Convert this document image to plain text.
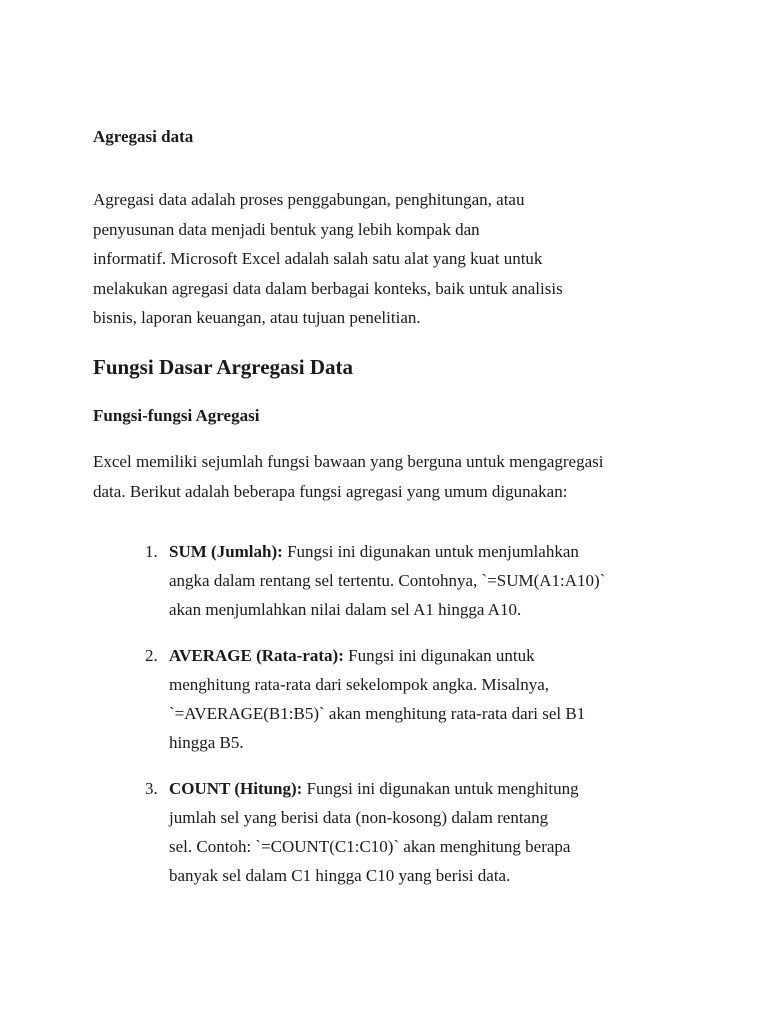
Agregasi data

Agregasi data adalah proses penggabungan, penghitungan, atau
penyusunan data menjadi bentuk yang lebih kompak dan
informatif. Microsoft Excel adalah salah satu alat yang kuat untuk
melakukan agregasi data dalam berbagai konteks, baik untuk analisis
bisnis, laporan keuangan, atau tujuan penelitian.

Fungsi Dasar Argregasi Data
Fungsi-fungsi Agregasi

Excel memiliki sejumlah fungsi bawaan yang berguna untuk mengagregasi
data. Berikut adalah beberapa fungsi agregasi yang umum digunakan:

1. SUM (Jumlah): Fungsi ini digunakan untuk menjumlahkan
angka dalam rentang sel tertentu. Contohnya, `=SUM(A1:A10)`
akan menjumlahkan nilai dalam sel A1 hingga A10.
2. AVERAGE (Rata-rata): Fungsi ini digunakan untuk
menghitung rata-rata dari sekelompok angka. Misalnya,
`=AVERAGE(B1:B5)` akan menghitung rata-rata dari sel B1
hingga B5.
3. COUNT (Hitung): Fungsi ini digunakan untuk menghitung
jumlah sel yang berisi data (non-kosong) dalam rentang
sel. Contoh: `=COUNT(C1:C10)` akan menghitung berapa
banyak sel dalam C1 hingga C10 yang berisi data.
